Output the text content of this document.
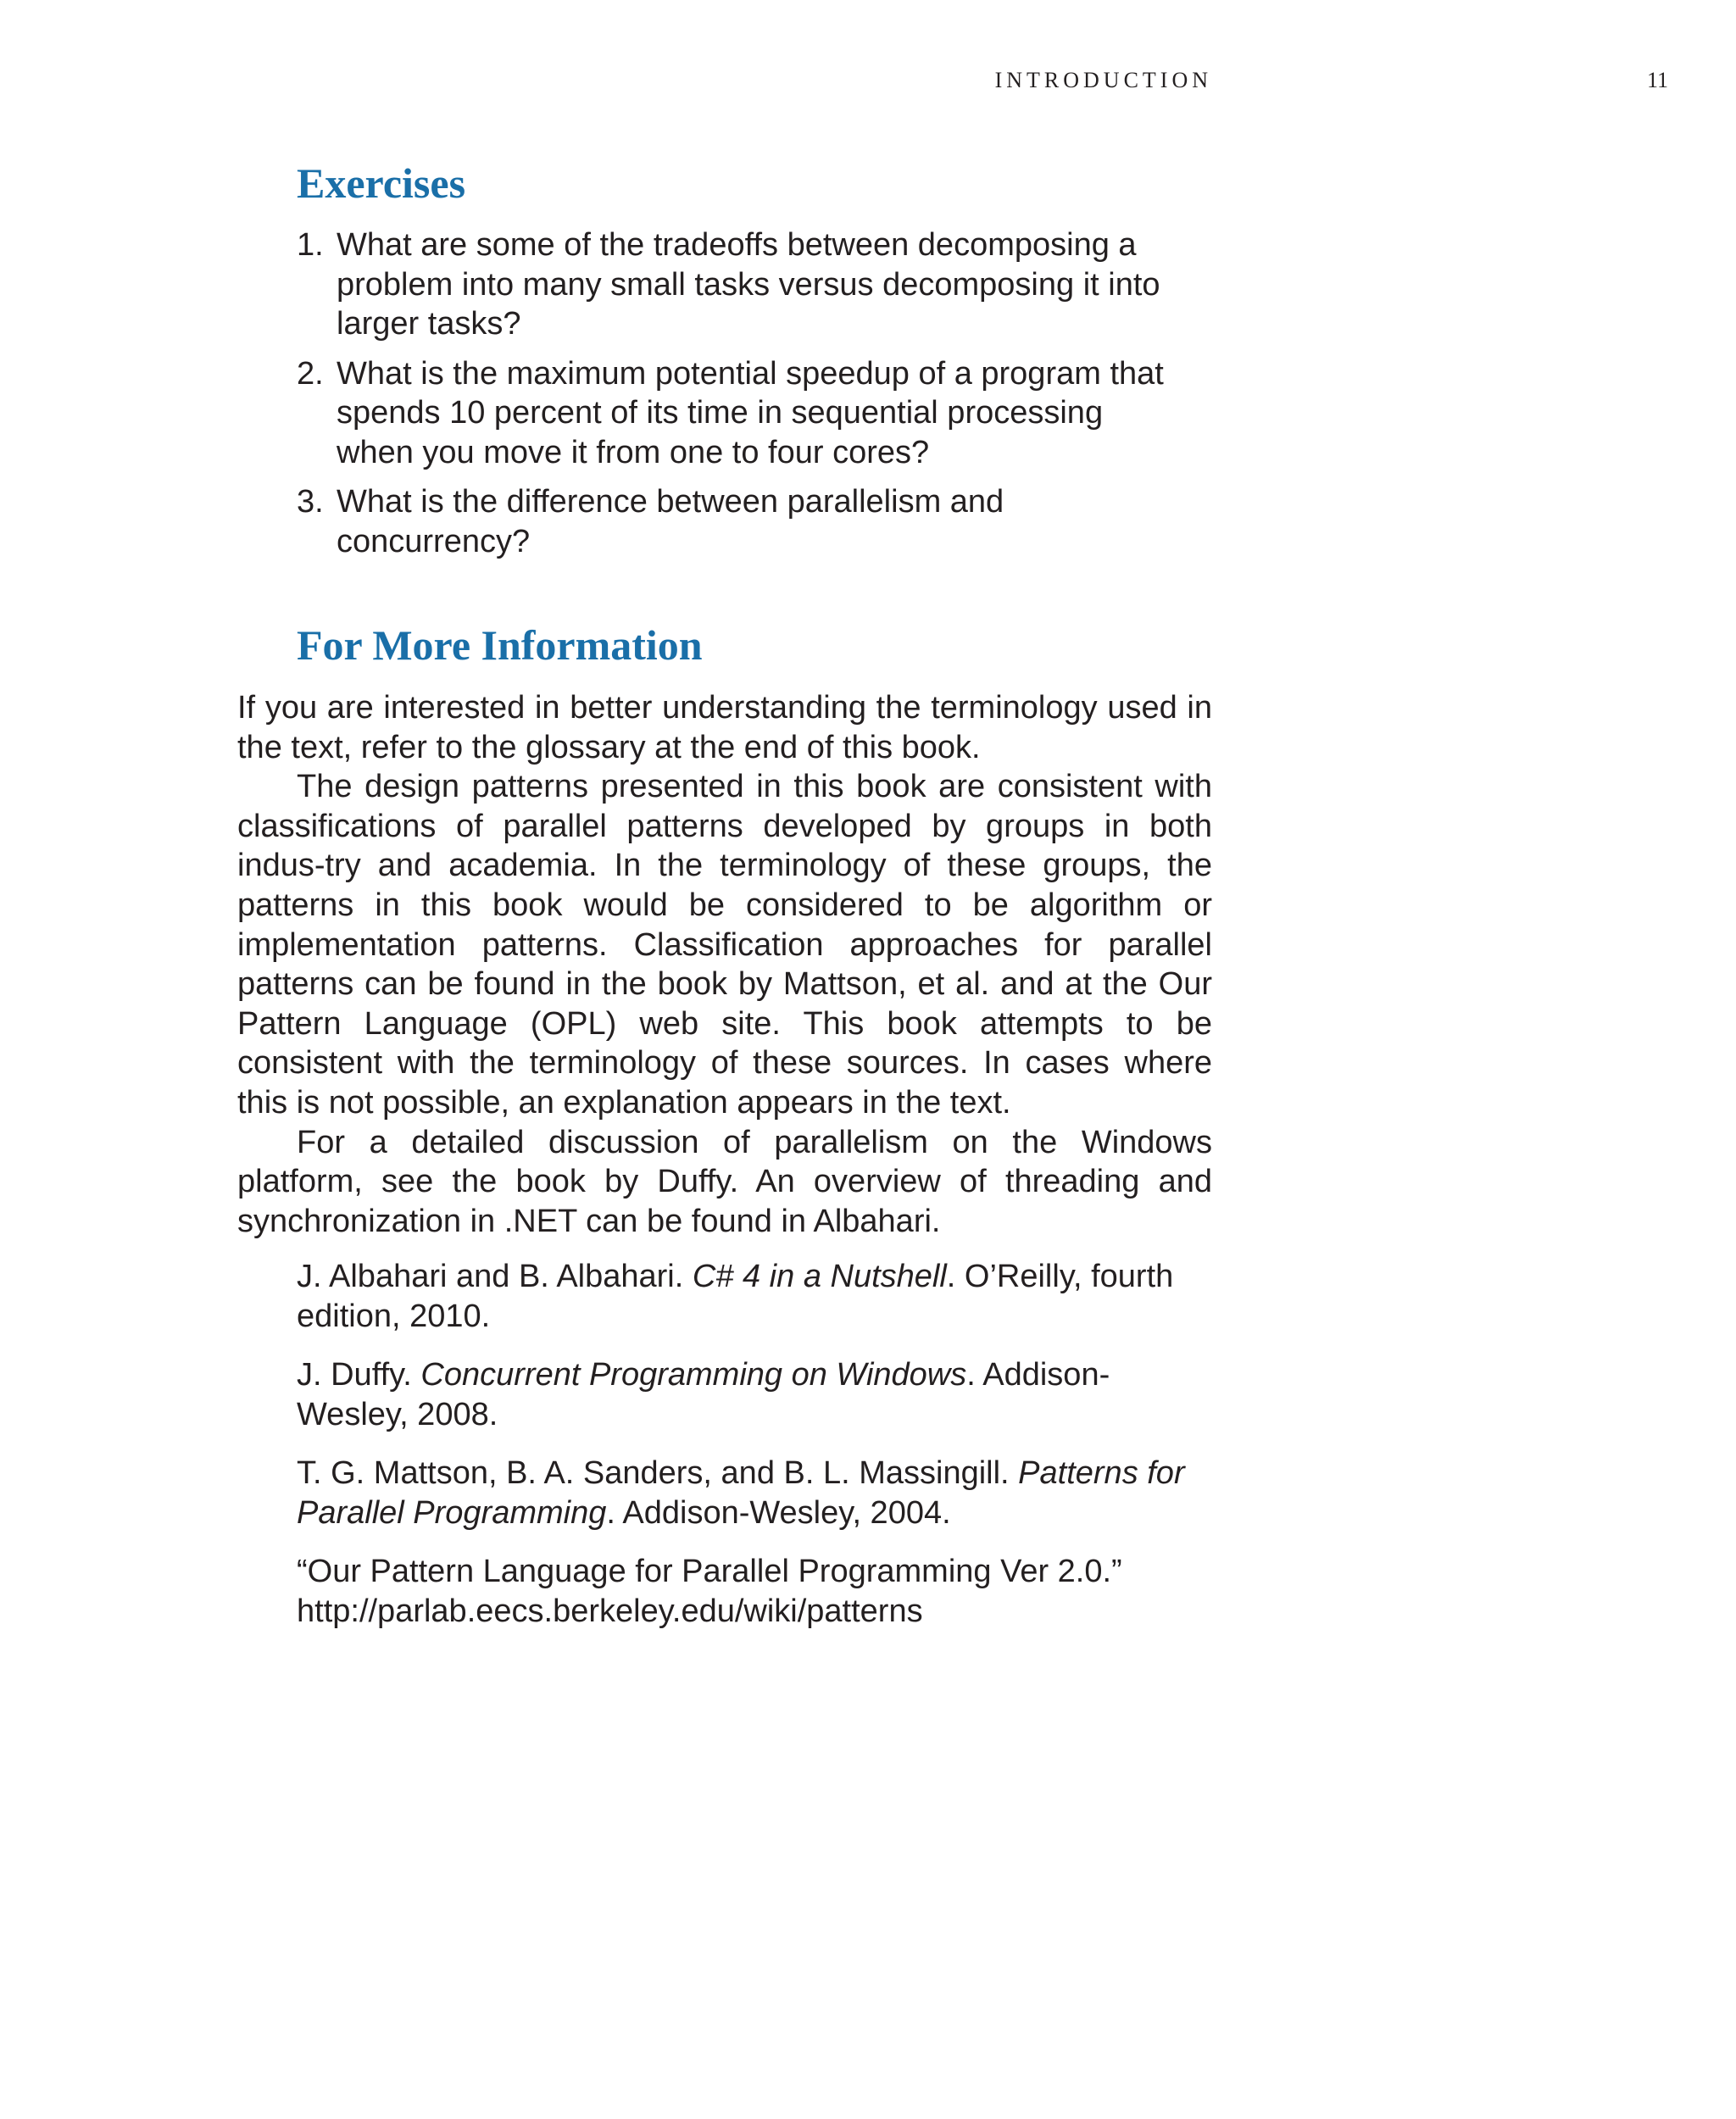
INTRODUCTION	11
Exercises
1. What are some of the tradeoffs between decomposing a problem into many small tasks versus decomposing it into larger tasks?
2. What is the maximum potential speedup of a program that spends 10 percent of its time in sequential processing when you move it from one to four cores?
3. What is the difference between parallelism and concurrency?
For More Information

If you are interested in better understanding the terminology used in the text, refer to the glossary at the end of this book.

The design patterns presented in this book are consistent with classifications of parallel patterns developed by groups in both indus-try and academia. In the terminology of these groups, the patterns in this book would be considered to be algorithm or implementation patterns. Classification approaches for parallel patterns can be found in the book by Mattson, et al. and at the Our Pattern Language (OPL) web site. This book attempts to be consistent with the terminology of these sources. In cases where this is not possible, an explanation appears in the text.

For a detailed discussion of parallelism on the Windows platform, see the book by Duffy. An overview of threading and synchronization in .NET can be found in Albahari.

J. Albahari and B. Albahari. C# 4 in a Nutshell. O’Reilly, fourth edition, 2010.

J. Duffy. Concurrent Programming on Windows. Addison-Wesley, 2008.

T. G. Mattson, B. A. Sanders, and B. L. Massingill. Patterns for Parallel Programming. Addison-Wesley, 2004.

“Our Pattern Language for Parallel Programming Ver 2.0.” http://parlab.eecs.berkeley.edu/wiki/patterns
